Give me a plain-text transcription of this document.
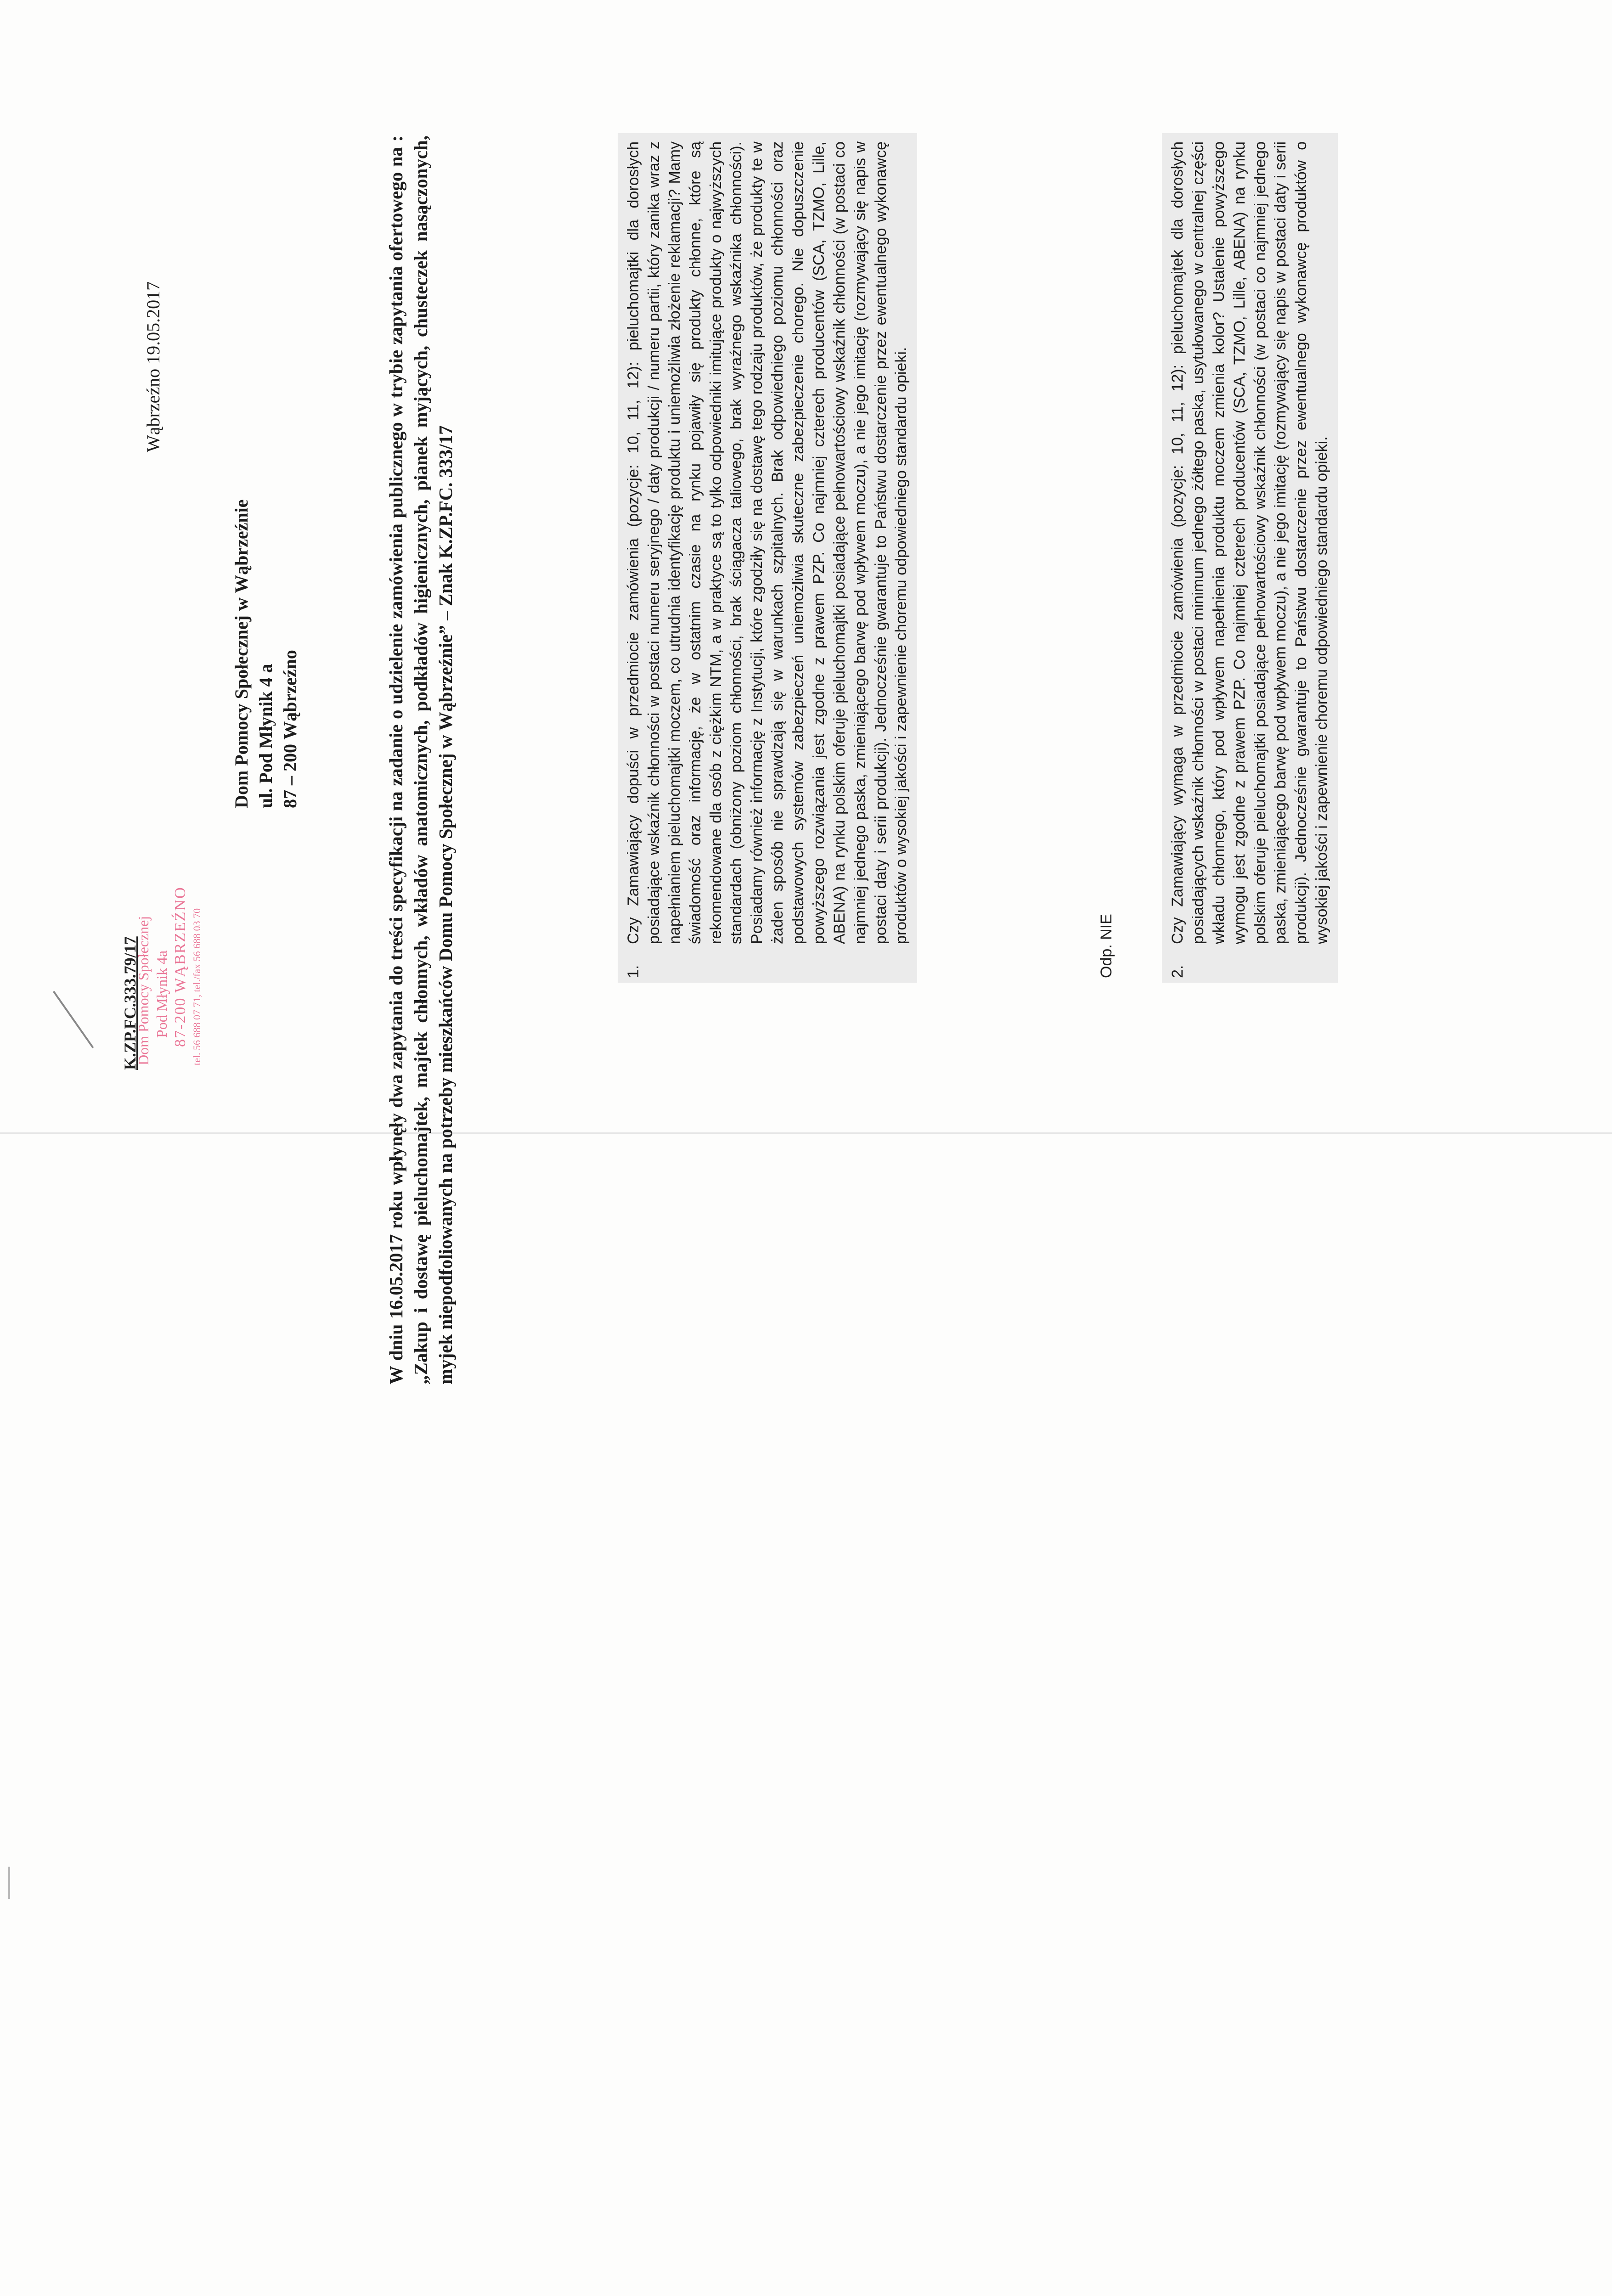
K.ZP.FC.333.79/17
Dom Pomocy Społecznej Pod Młynik 4a 87-200 WĄBRZEŹNO tel. 56 688 07 71, tel./fax 56 688 03 70
Wąbrzeźno 19.05.2017
Dom Pomocy Społecznej w Wąbrzeźnie ul. Pod Młynik 4 a 87 – 200 Wąbrzeźno	W dniu 16.05.2017 roku wpłynęły dwa zapytania do treści specyfikacji na zadanie o udzielenie zamówienia publicznego w trybie zapytania ofertowego na : „Zakup i dostawę pieluchomajtek, majtek chłonnych, wkładów anatomicznych, podkładów higienicznych, pianek myjących, chusteczek nasączonych, myjek niepodfoliowanych na potrzeby mieszkańców Domu Pomocy Społecznej w Wąbrzeźnie” – Znak K.ZP.FC. 333/17	1.
Czy Zamawiający dopuści w przedmiocie zamówienia (pozycje: 10, 11, 12): pieluchomajtki dla dorosłych posiadające wskaźnik chłonności w postaci numeru seryjnego / daty produkcji / numeru partii, który zanika wraz z napełnianiem pieluchomajtki moczem, co utrudnia identyfikację produktu i uniemożliwia złożenie reklamacji? Mamy świadomość oraz informację, że w ostatnim czasie na rynku pojawiły się produkty chłonne, które są rekomendowane dla osób z ciężkim NTM, a w praktyce są to tylko odpowiedniki imitujące produkty o najwyższych standardach (obniżony poziom chłonności, brak ściągacza taliowego, brak wyraźnego wskaźnika chłonności). Posiadamy również informację z Instytucji, które zgodziły się na dostawę tego rodzaju produktów, że produkty te w żaden sposób nie sprawdzają się w warunkach szpitalnych. Brak odpowiedniego poziomu chłonności oraz podstawowych systemów zabezpieczeń uniemożliwia skuteczne zabezpieczenie chorego. Nie dopuszczenie powyższego rozwiązania jest zgodne z prawem PZP. Co najmniej czterech producentów (SCA, TZMO, Lille, ABENA) na rynku polskim oferuje pieluchomajtki posiadające pełnowartościowy wskaźnik chłonności (w postaci co najmniej jednego paska, zmieniającego barwę pod wpływem moczu), a nie jego imitację (rozmywający się napis w postaci daty i serii produkcji). Jednocześnie gwarantuje to Państwu dostarczenie przez ewentualnego wykonawcę produktów o wysokiej jakości i zapewnienie choremu odpowiedniego standardu opieki.
Odp. NIE	2.
Czy Zamawiający wymaga w przedmiocie zamówienia (pozycje: 10, 11, 12): pieluchomajtek dla dorosłych posiadających wskaźnik chłonności w postaci minimum jednego żółtego paska, usytułowanego w centralnej części wkładu chłonnego, który pod wpływem napełnienia produktu moczem zmienia kolor? Ustalenie powyższego wymogu jest zgodne z prawem PZP. Co najmniej czterech producentów (SCA, TZMO, Lille, ABENA) na rynku polskim oferuje pieluchomajtki posiadające pełnowartościowy wskaźnik chłonności (w postaci co najmniej jednego paska, zmieniającego barwę pod wpływem moczu), a nie jego imitację (rozmywający się napis w postaci daty i serii produkcji). Jednocześnie gwarantuje to Państwu dostarczenie przez ewentualnego wykonawcę produktów o wysokiej jakości i zapewnienie choremu odpowiedniego standardu opieki.
